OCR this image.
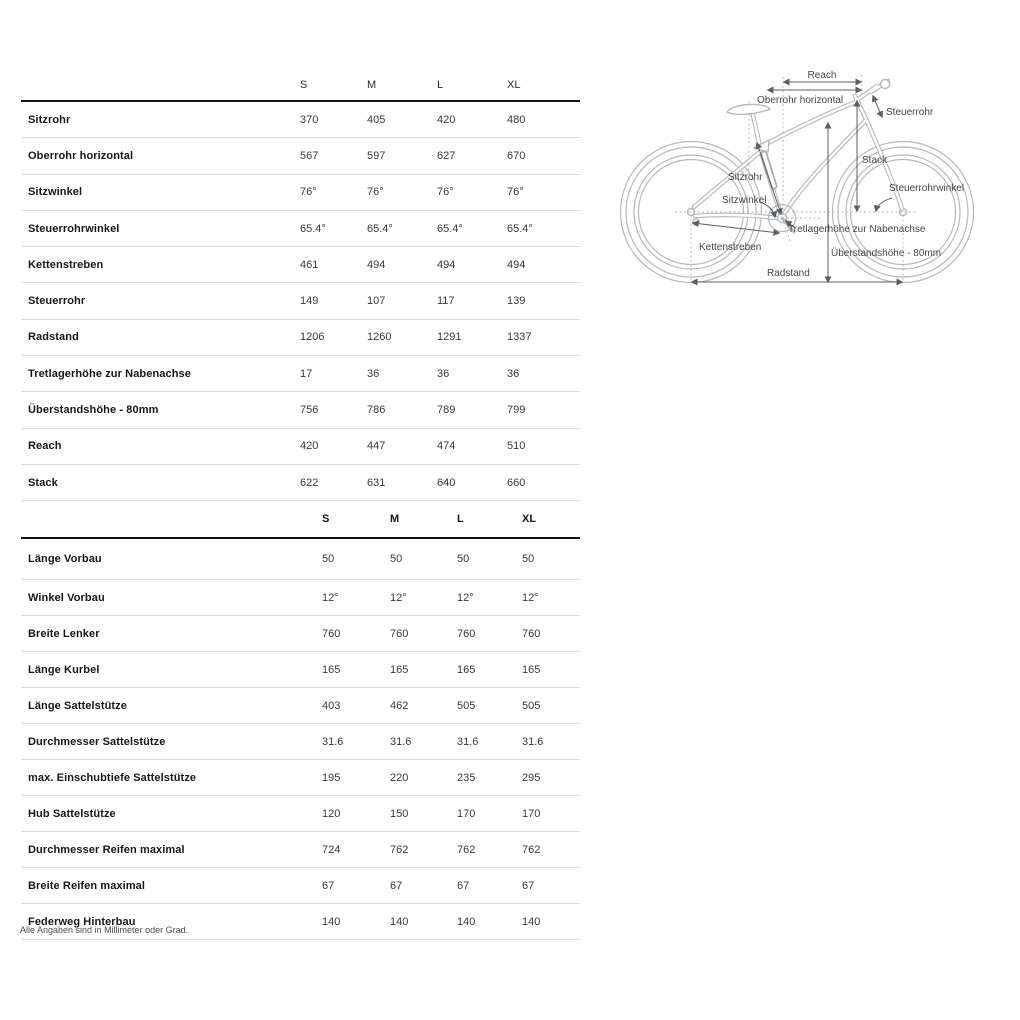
S	M	L	XL
Sitzrohr	370	405	420	480
Oberrohr horizontal	567	597	627	670
Sitzwinkel	76°	76°	76°	76°
Steuerrohrwinkel	65.4°	65.4°	65.4°	65.4°
Kettenstreben	461	494	494	494
Steuerrohr	149	107	117	139
Radstand	1206	1260	1291	1337
Tretlagerhöhe zur Nabenachse	17	36	36	36
Überstandshöhe - 80mm	756	786	789	799
Reach	420	447	474	510
Stack	622	631	640	660
S	M	L	XL
Länge Vorbau	50	50	50	50
Winkel Vorbau	12°	12°	12°	12°
Breite Lenker	760	760	760	760
Länge Kurbel	165	165	165	165
Länge Sattelstütze	403	462	505	505
Durchmesser Sattelstütze	31.6	31.6	31.6	31.6
max. Einschubtiefe Sattelstütze	195	220	235	295
Hub Sattelstütze	120	150	170	170
Durchmesser Reifen maximal	724	762	762	762
Breite Reifen maximal	67	67	67	67
Federweg Hinterbau	140	140	140	140
Alle Angaben sind in Millimeter oder Grad.
Reach
Oberrohr horizontal
Steuerrohr
Stack
Sitzrohr
Sitzwinkel
Steuerrohrwinkel
Tretlagerhöhe zur Nabenachse
Kettenstreben
Überstandshöhe - 80mm
Radstand
